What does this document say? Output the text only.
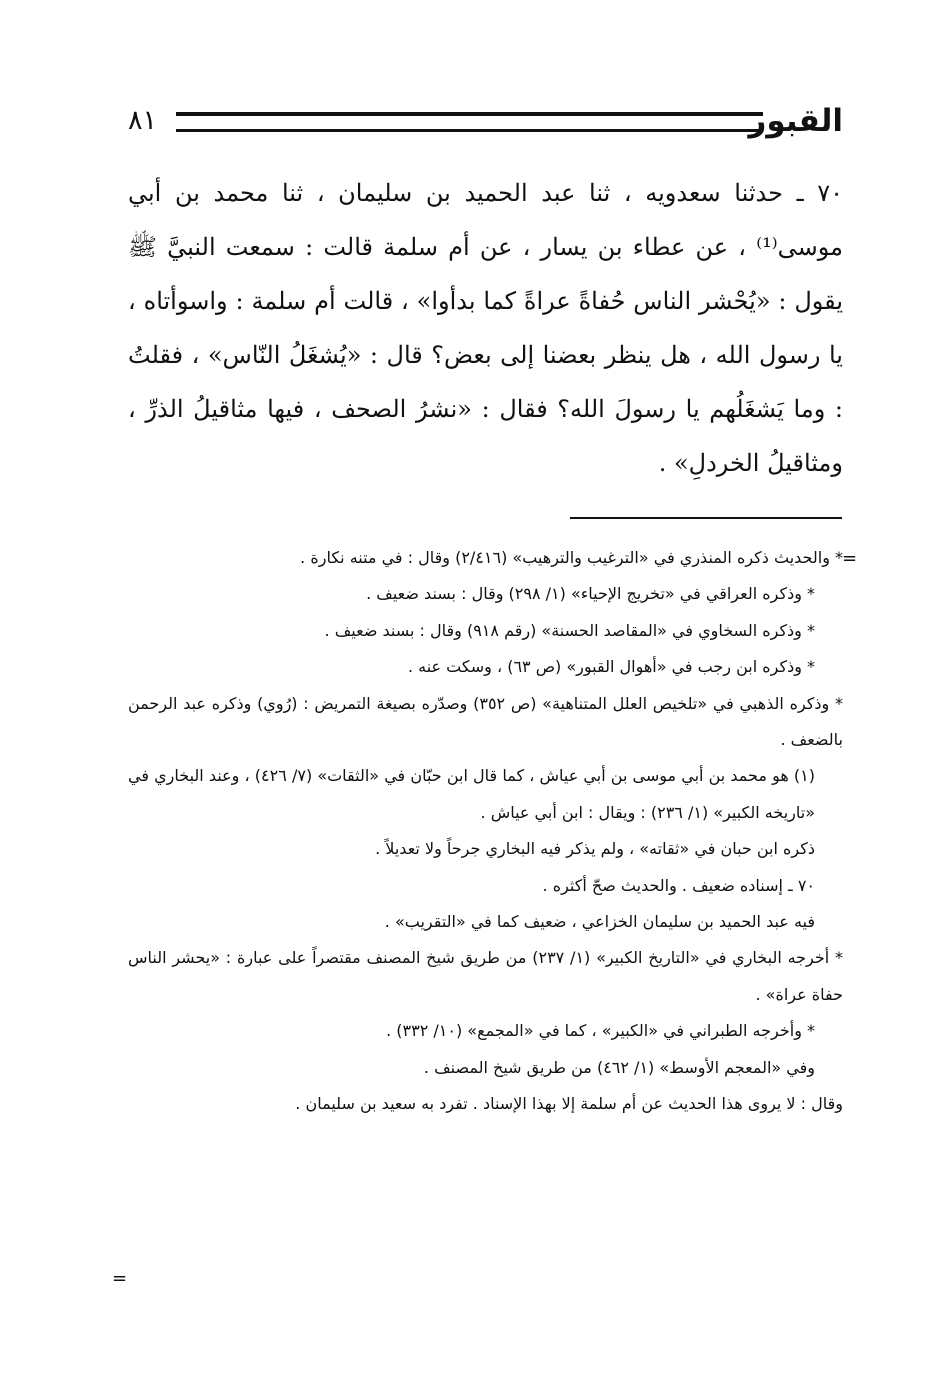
القبور
٨١

٧٠ ـ حدثنا سعدويه ، ثنا عبد الحميد بن سليمان ، ثنا محمد بن أبي موسى⁽¹⁾ ، عن عطاء بن يسار ، عن أم سلمة قالت : سمعت النبيَّ ﷺ يقول : «يُحْشر الناس حُفاةً عراةً كما بدأوا» ، قالت أم سلمة : واسوأتاه ، يا رسول الله ، هل ينظر بعضنا إلى بعض؟ قال : «يُشغَلُ النّاس» ، فقلتُ : وما يَشغَلُهم يا رسولَ الله؟ فقال : «نشرُ الصحف ، فيها مثاقيلُ الذرِّ ، ومثاقيلُ الخردلِ» .

=

* والحديث ذكره المنذري في «الترغيب والترهيب» (٢/٤١٦) وقال : في متنه نكارة .

* وذكره العراقي في «تخريج الإحياء» (١/ ٢٩٨) وقال : بسند ضعيف .

* وذكره السخاوي في «المقاصد الحسنة» (رقم ٩١٨) وقال : بسند ضعيف .

* وذكره ابن رجب في «أهوال القبور» (ص ٦٣) ، وسكت عنه .

* وذكره الذهبي في «تلخيص العلل المتناهية» (ص ٣٥٢) وصدّره بصيغة التمريض : (رُوي) وذكره عبد الرحمن بالضعف .

(١) هو محمد بن أبي موسى بن أبي عياش ، كما قال ابن حبّان في «الثقات» (٧/ ٤٢٦) ، وعند البخاري في «تاريخه الكبير» (١/ ٢٣٦) : ويقال : ابن أبي عياش .

ذكره ابن حبان في «ثقاته» ، ولم يذكر فيه البخاري جرحاً ولا تعديلاً .

٧٠ ـ إسناده ضعيف . والحديث صحّ أكثره .

فيه عبد الحميد بن سليمان الخزاعي ، ضعيف كما في «التقريب» .

* أخرجه البخاري في «التاريخ الكبير» (١/ ٢٣٧) من طريق شيخ المصنف مقتصراً على عبارة : «يحشر الناس حفاة عراة» .

* وأخرجه الطبراني في «الكبير» ، كما في «المجمع» (١٠/ ٣٣٢) .

وفي «المعجم الأوسط» (١/ ٤٦٢) من طريق شيخ المصنف .

وقال : لا يروى هذا الحديث عن أم سلمة إلا بهذا الإسناد . تفرد به سعيد بن سليمان .

=
